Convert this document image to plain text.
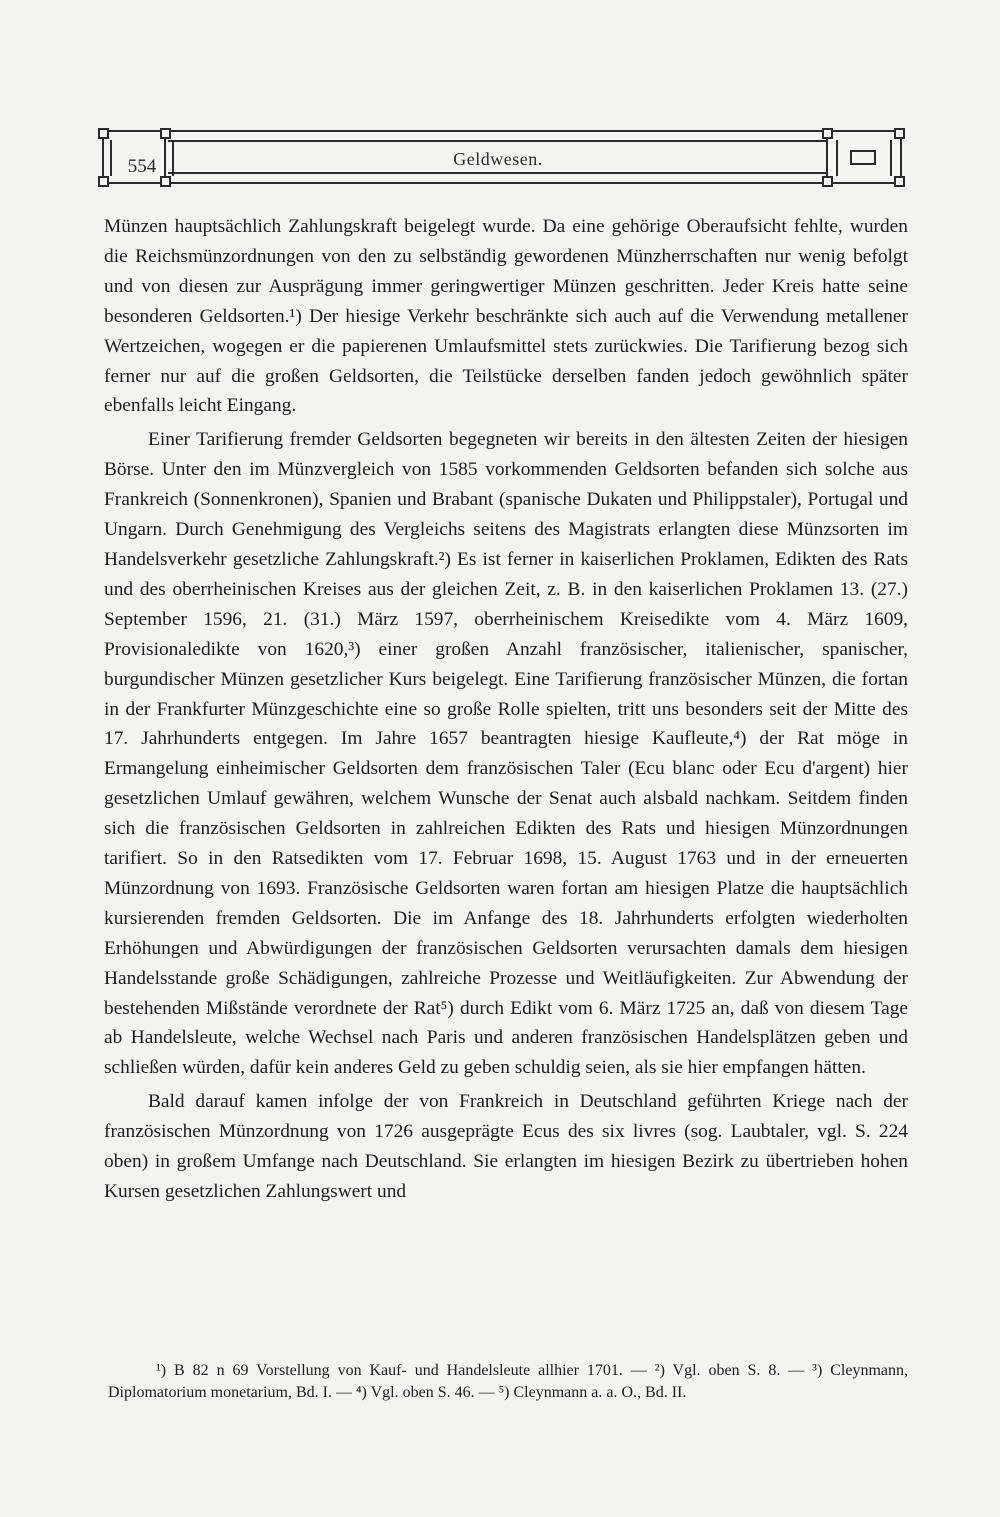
554	Geldwesen.

Münzen hauptsächlich Zahlungskraft beigelegt wurde. Da eine gehörige Oberaufsicht fehlte, wurden die Reichsmünzordnungen von den zu selbständig gewordenen Münzherrschaften nur wenig befolgt und von diesen zur Ausprägung immer geringwertiger Münzen geschritten. Jeder Kreis hatte seine besonderen Geldsorten.¹) Der hiesige Verkehr beschränkte sich auch auf die Verwendung metallener Wertzeichen, wogegen er die papierenen Umlaufsmittel stets zurückwies. Die Tarifierung bezog sich ferner nur auf die großen Geldsorten, die Teilstücke derselben fanden jedoch gewöhnlich später ebenfalls leicht Eingang.

Einer Tarifierung fremder Geldsorten begegneten wir bereits in den ältesten Zeiten der hiesigen Börse. Unter den im Münzvergleich von 1585 vorkommenden Geldsorten befanden sich solche aus Frankreich (Sonnenkronen), Spanien und Brabant (spanische Dukaten und Philippstaler), Portugal und Ungarn. Durch Genehmigung des Vergleichs seitens des Magistrats erlangten diese Münzsorten im Handelsverkehr gesetzliche Zahlungskraft.²) Es ist ferner in kaiserlichen Proklamen, Edikten des Rats und des oberrheinischen Kreises aus der gleichen Zeit, z. B. in den kaiserlichen Proklamen 13. (27.) September 1596, 21. (31.) März 1597, oberrheinischem Kreisedikte vom 4. März 1609, Provisionaledikte von 1620,³) einer großen Anzahl französischer, italienischer, spanischer, burgundischer Münzen gesetzlicher Kurs beigelegt. Eine Tarifierung französischer Münzen, die fortan in der Frankfurter Münzgeschichte eine so große Rolle spielten, tritt uns besonders seit der Mitte des 17. Jahrhunderts entgegen. Im Jahre 1657 beantragten hiesige Kaufleute,⁴) der Rat möge in Ermangelung einheimischer Geldsorten dem französischen Taler (Ecu blanc oder Ecu d'argent) hier gesetzlichen Umlauf gewähren, welchem Wunsche der Senat auch alsbald nachkam. Seitdem finden sich die französischen Geldsorten in zahlreichen Edikten des Rats und hiesigen Münzordnungen tarifiert. So in den Ratsedikten vom 17. Februar 1698, 15. August 1763 und in der erneuerten Münzordnung von 1693. Französische Geldsorten waren fortan am hiesigen Platze die hauptsächlich kursierenden fremden Geldsorten. Die im Anfange des 18. Jahrhunderts erfolgten wiederholten Erhöhungen und Abwürdigungen der französischen Geldsorten verursachten damals dem hiesigen Handelsstande große Schädigungen, zahlreiche Prozesse und Weitläufigkeiten. Zur Abwendung der bestehenden Mißstände verordnete der Rat⁵) durch Edikt vom 6. März 1725 an, daß von diesem Tage ab Handelsleute, welche Wechsel nach Paris und anderen französischen Handelsplätzen geben und schließen würden, dafür kein anderes Geld zu geben schuldig seien, als sie hier empfangen hätten.

Bald darauf kamen infolge der von Frankreich in Deutschland geführten Kriege nach der französischen Münzordnung von 1726 ausgeprägte Ecus des six livres (sog. Laubtaler, vgl. S. 224 oben) in großem Umfange nach Deutschland. Sie erlangten im hiesigen Bezirk zu übertrieben hohen Kursen gesetzlichen Zahlungswert und

¹) B 82 n 69 Vorstellung von Kauf- und Handelsleute allhier 1701. — ²) Vgl. oben S. 8. — ³) Cleynmann, Diplomatorium monetarium, Bd. I. — ⁴) Vgl. oben S. 46. — ⁵) Cleynmann a. a. O., Bd. II.
